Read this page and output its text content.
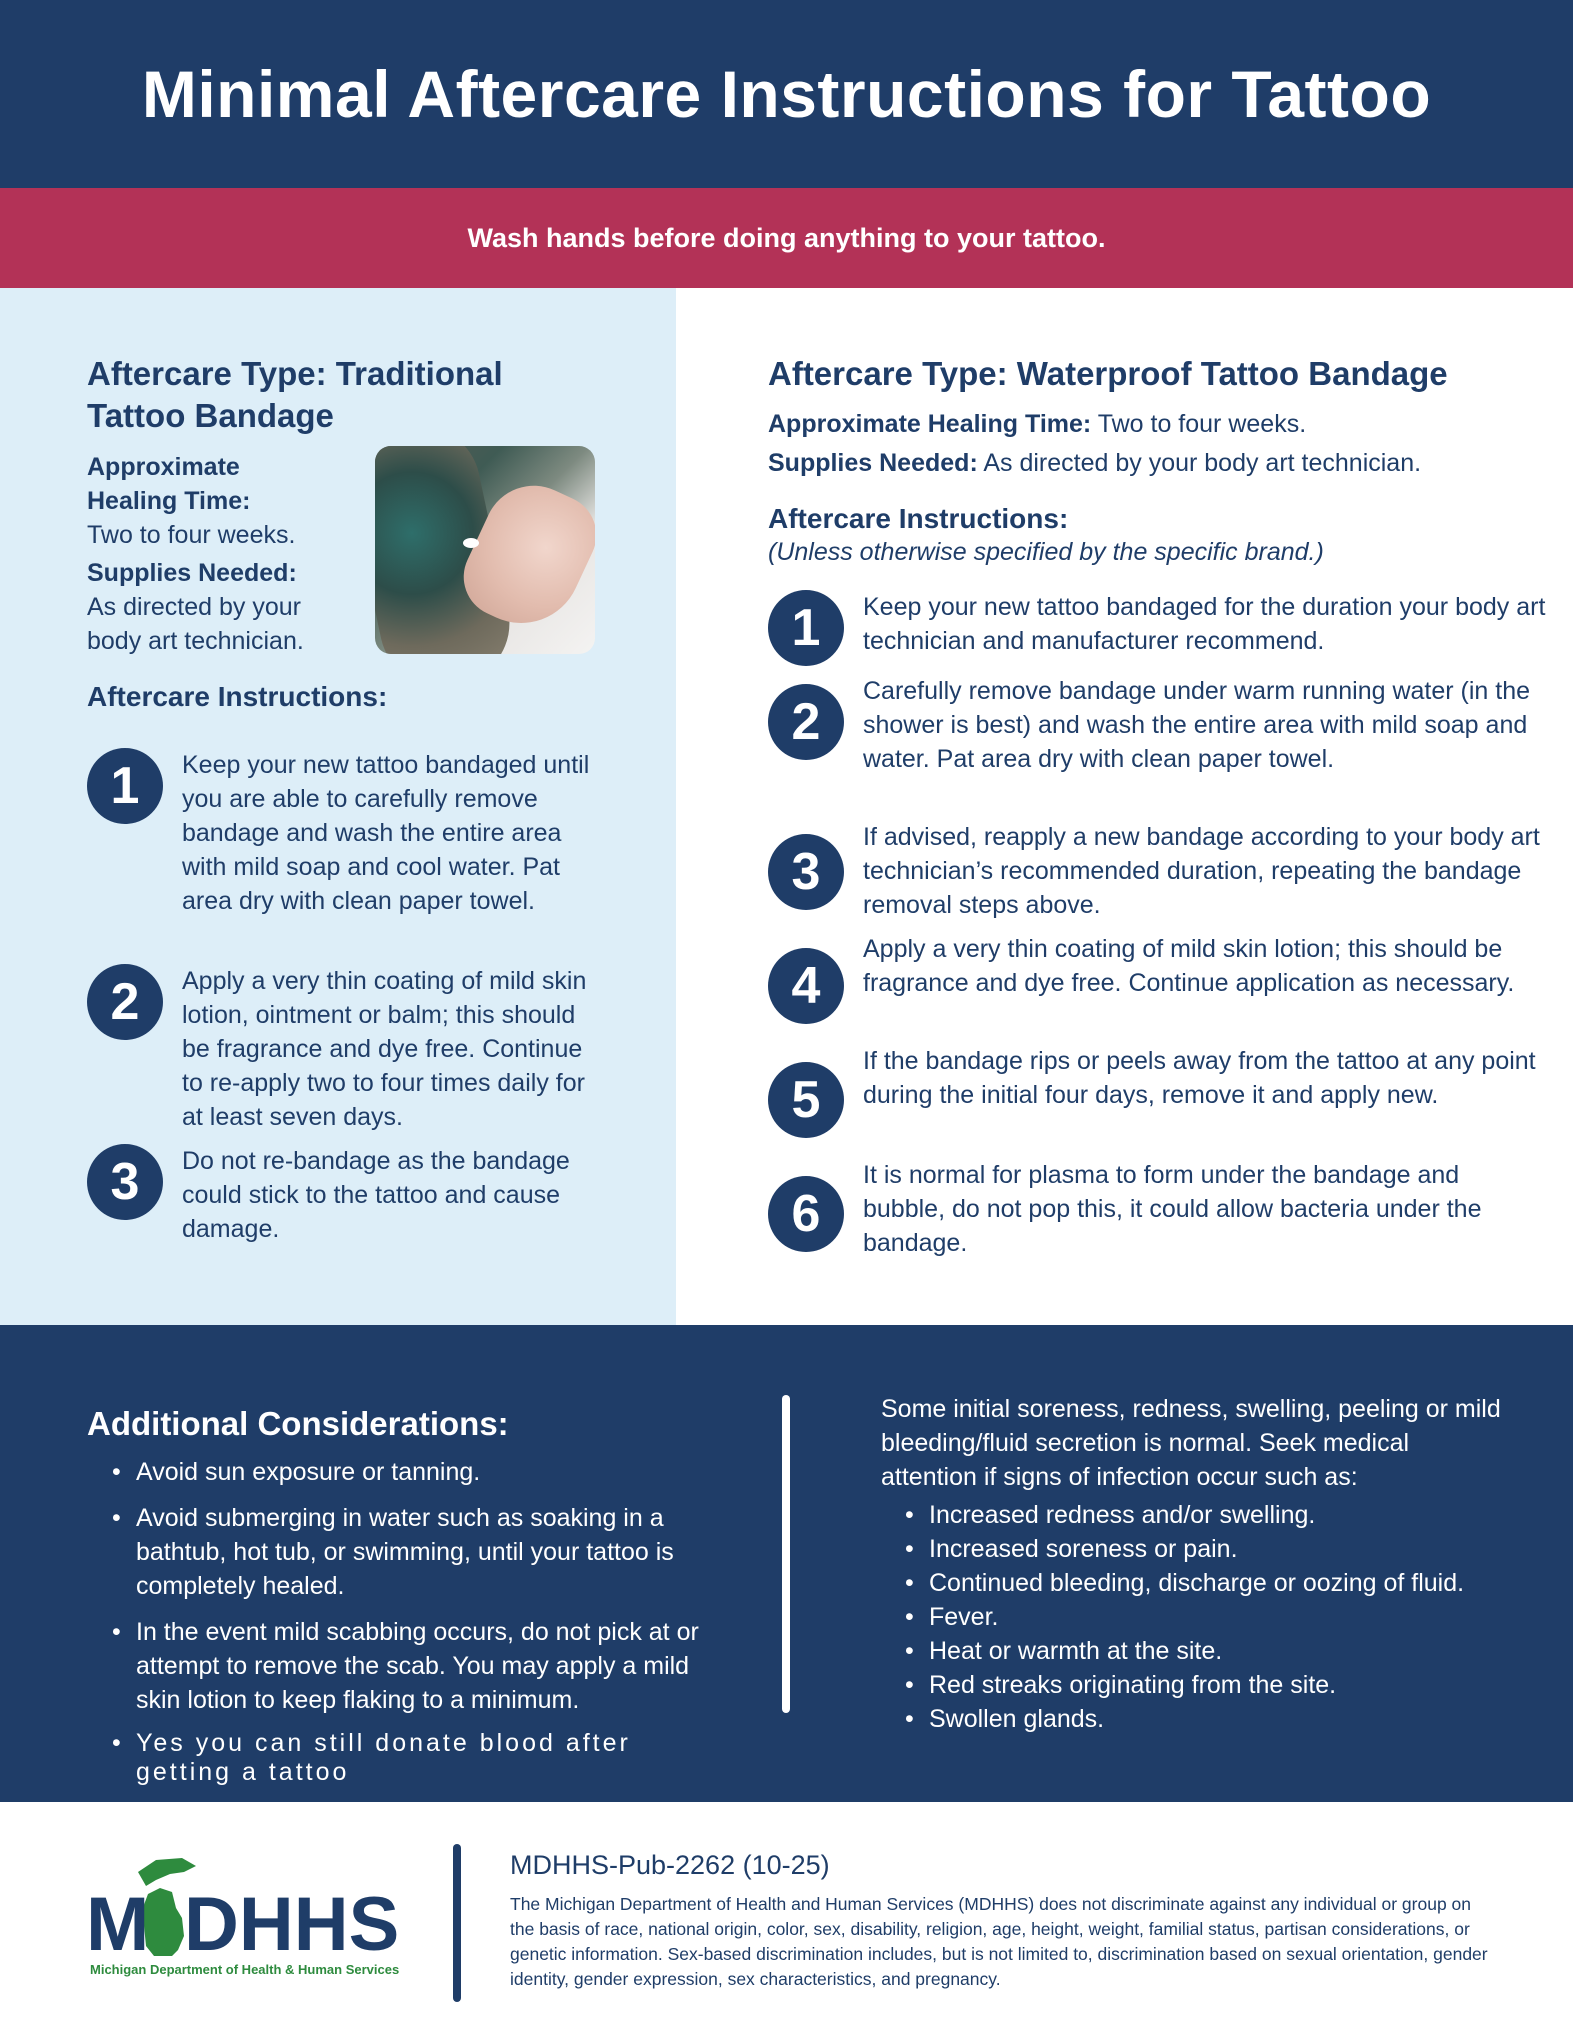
Minimal Aftercare Instructions for Tattoo
Wash hands before doing anything to your tattoo.
Aftercare Type: Traditional
Tattoo Bandage
Approximate
Healing Time:
Two to four weeks.
Supplies Needed:
As directed by your
body art technician.
Aftercare Instructions:
1	Keep your new tattoo bandaged until you are able to carefully remove bandage and wash the entire area with mild soap and cool water. Pat area dry with clean paper towel.
2	Apply a very thin coating of mild skin lotion, ointment or balm; this should be fragrance and dye free. Continue to re-apply two to four times daily for at least seven days.
3	Do not re-bandage as the bandage could stick to the tattoo and cause damage.
Aftercare Type: Waterproof Tattoo Bandage
Approximate Healing Time: Two to four weeks.
Supplies Needed: As directed by your body art technician.
Aftercare Instructions:
(Unless otherwise specified by the specific brand.)
1	Keep your new tattoo bandaged for the duration your body art technician and manufacturer recommend.
2
Carefully remove bandage under warm running water (in the shower is best) and wash the entire area with mild soap and water. Pat area dry with clean paper towel.
3
If advised, reapply a new bandage according to your body art technician’s recommended duration, repeating the bandage removal steps above.
4
Apply a very thin coating of mild skin lotion; this should be fragrance and dye free. Continue application as necessary.
5
If the bandage rips or peels away from the tattoo at any point during the initial four days, remove it and apply new.
6
It is normal for plasma to form under the bandage and bubble, do not pop this, it could allow bacteria under the bandage.
Additional Considerations:
• Avoid sun exposure or tanning.
• Avoid submerging in water such as soaking in a bathtub, hot tub, or swimming, until your tattoo is completely healed.
• In the event mild scabbing occurs, do not pick at or attempt to remove the scab. You may apply a mild skin lotion to keep flaking to a minimum.
• Yes you can still donate blood after getting a tattoo
Some initial soreness, redness, swelling, peeling or mild bleeding/fluid secretion is normal. Seek medical attention if signs of infection occur such as:
• Increased redness and/or swelling.
• Increased soreness or pain.
• Continued bleeding, discharge or oozing of fluid.
• Fever.
• Heat or warmth at the site.
• Red streaks originating from the site.
• Swollen glands.
M DHHS
Michigan Department of Health & Human Services
MDHHS-Pub-2262 (10-25)
The Michigan Department of Health and Human Services (MDHHS) does not discriminate against any individual or group on the basis of race, national origin, color, sex, disability, religion, age, height, weight, familial status, partisan considerations, or genetic information. Sex-based discrimination includes, but is not limited to, discrimination based on sexual orientation, gender identity, gender expression, sex characteristics, and pregnancy.
